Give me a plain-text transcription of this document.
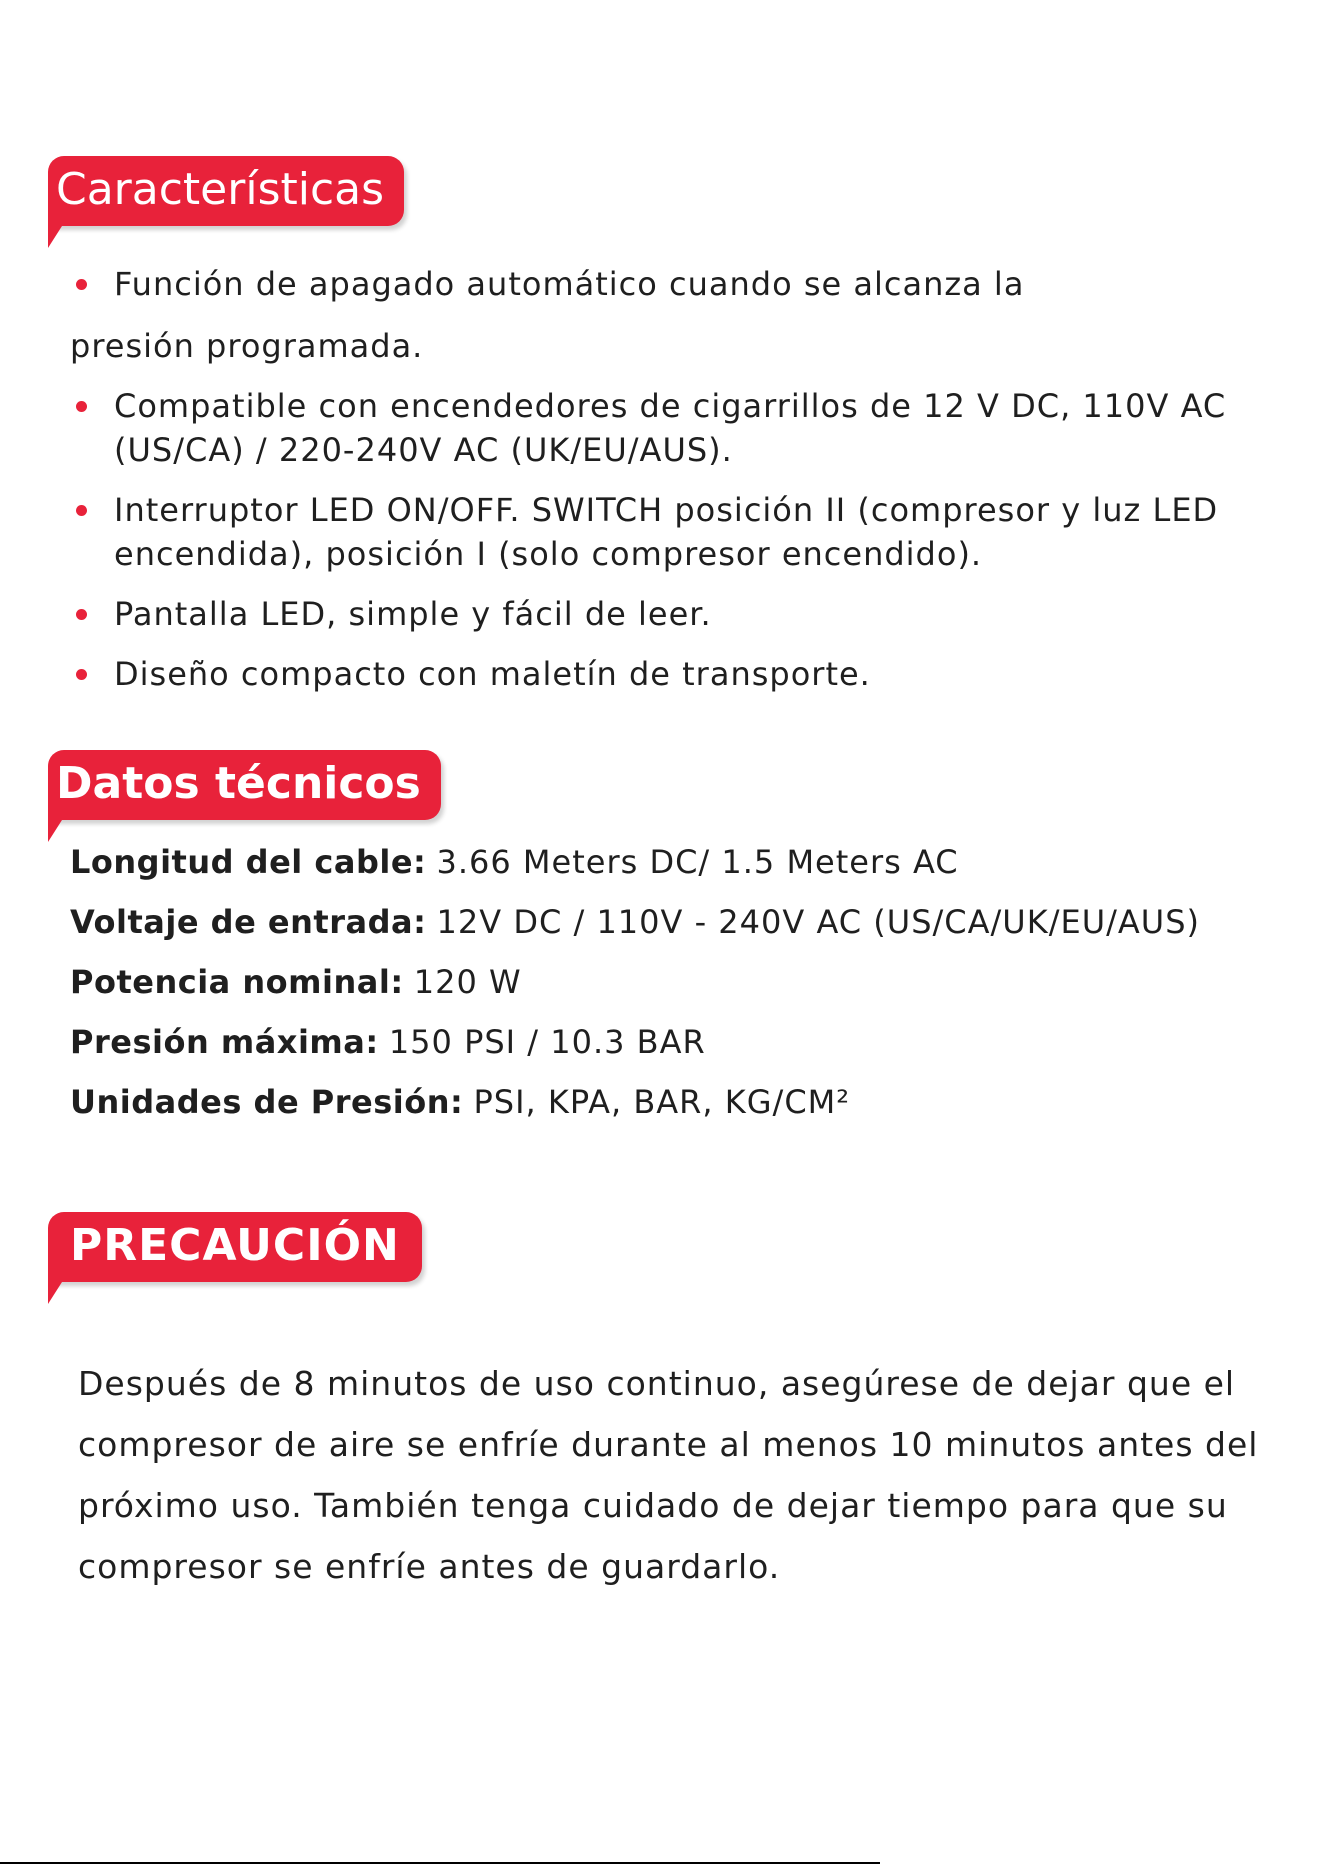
Características
Función de apagado automático cuando se alcanza la
presión programada.
Compatible con encendedores de cigarrillos de 12 V DC, 110V AC (US/CA) / 220-240V AC (UK/EU/AUS).
Interruptor LED ON/OFF. SWITCH posición II (compresor y luz LED encendida), posición I (solo compresor encendido).
Pantalla LED, simple y fácil de leer.
Diseño compacto con maletín de transporte.
Datos técnicos
Longitud del cable: 3.66 Meters DC/ 1.5 Meters AC
Voltaje de entrada: 12V DC / 110V - 240V AC (US/CA/UK/EU/AUS)
Potencia nominal: 120 W
Presión máxima: 150 PSI / 10.3 BAR
Unidades de Presión: PSI, KPA, BAR, KG/CM²
PRECAUCIÓN

Después de 8 minutos de uso continuo, asegúrese de dejar que el compresor de aire se enfríe durante al menos 10 minutos antes del próximo uso. También tenga cuidado de dejar tiempo para que su compresor se enfríe antes de guardarlo.
